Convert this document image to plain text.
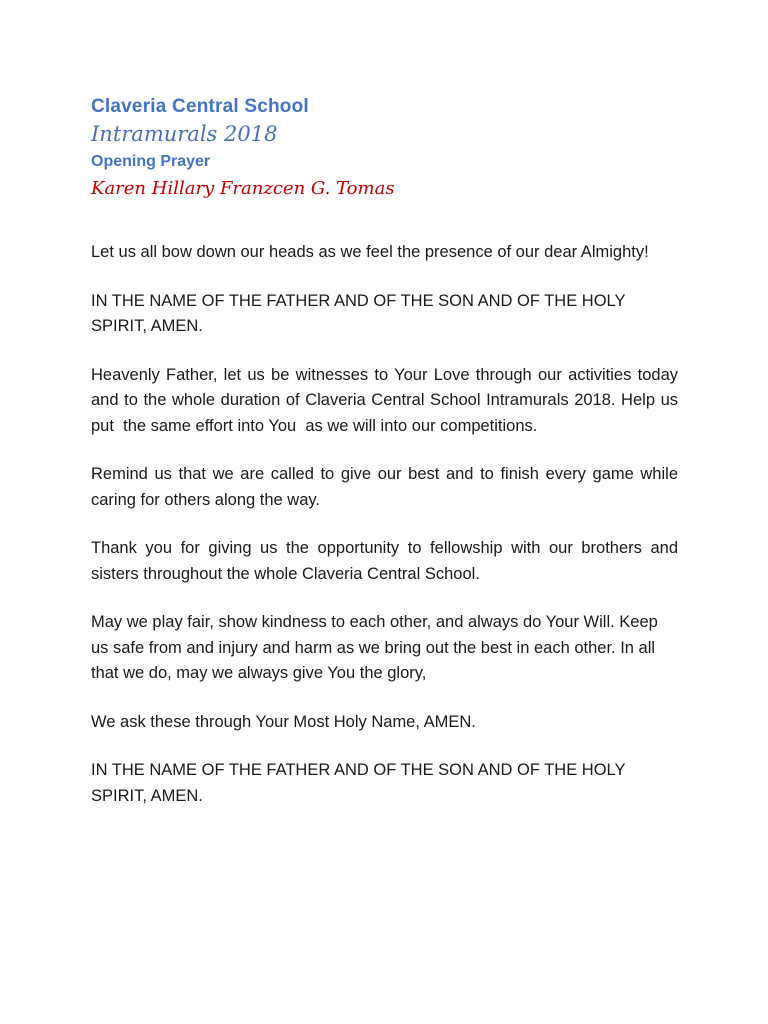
Claveria Central School
Intramurals 2018
Opening Prayer
Karen Hillary Franzcen G. Tomas

Let us all bow down our heads as we feel the presence of our dear Almighty!

IN THE NAME OF THE FATHER AND OF THE SON AND OF THE HOLY SPIRIT, AMEN.

Heavenly Father, let us be witnesses to Your Love through our activities today and to the whole duration of Claveria Central School Intramurals 2018. Help us put  the same effort into You  as we will into our competitions.

Remind us that we are called to give our best and to finish every game while caring for others along the way.

Thank you for giving us the opportunity to fellowship with our brothers and sisters throughout the whole Claveria Central School.

May we play fair, show kindness to each other, and always do Your Will. Keep us safe from and injury and harm as we bring out the best in each other. In all that we do, may we always give You the glory,

We ask these through Your Most Holy Name, AMEN.

IN THE NAME OF THE FATHER AND OF THE SON AND OF THE HOLY SPIRIT, AMEN.
